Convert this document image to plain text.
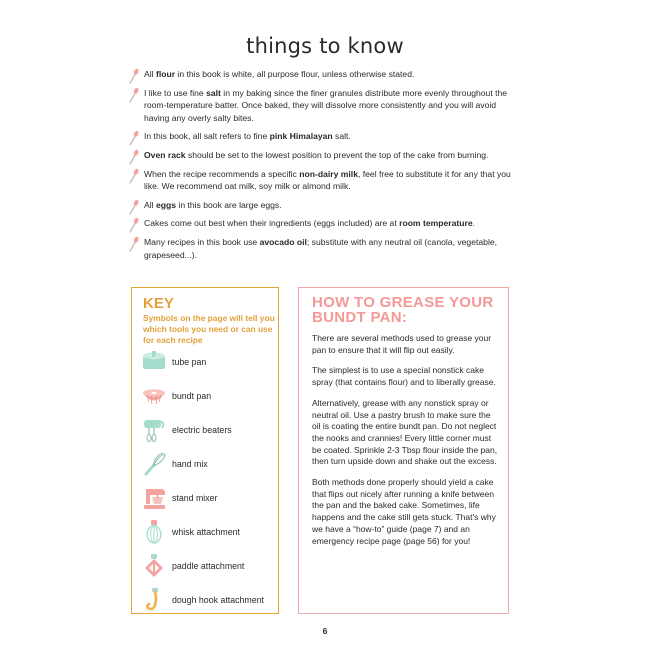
things to know
All flour in this book is white, all purpose flour, unless otherwise stated.
I like to use fine salt in my baking since the finer granules distribute more evenly throughout the room-temperature batter. Once baked, they will dissolve more consistently and you will avoid having any overly salty bites.
In this book, all salt refers to fine pink Himalayan salt.
Oven rack should be set to the lowest position to prevent the top of the cake from burning.
When the recipe recommends a specific non-dairy milk, feel free to substitute it for any that you like. We recommend oat milk, soy milk or almond milk.
All eggs in this book are large eggs.
Cakes come out best when their ingredients (eggs included) are at room temperature.
Many recipes in this book use avocado oil; substitute with any neutral oil (canola, vegetable, grapeseed...).
KEY
Symbols on the page will tell you which tools you need or can use for each recipe
tube pan
bundt pan
electric beaters
hand mix
stand mixer
whisk attachment
paddle attachment
dough hook attachment
HOW TO GREASE YOUR BUNDT PAN:

There are several methods used to grease your pan to ensure that it will flip out easily.

The simplest is to use a special nonstick cake spray (that contains flour) and to liberally grease.

Alternatively, grease with any nonstick spray or neutral oil. Use a pastry brush to make sure the oil is coating the entire bundt pan. Do not neglect the nooks and crannies! Every little corner must be coated. Sprinkle 2-3 Tbsp flour inside the pan, then turn upside down and shake out the excess.

Both methods done properly should yield a cake that flips out nicely after running a knife between the pan and the baked cake. Sometimes, life happens and the cake still gets stuck. That's why we have a “how-to” guide (page 7) and an emergency recipe page (page 56) for you!

6
